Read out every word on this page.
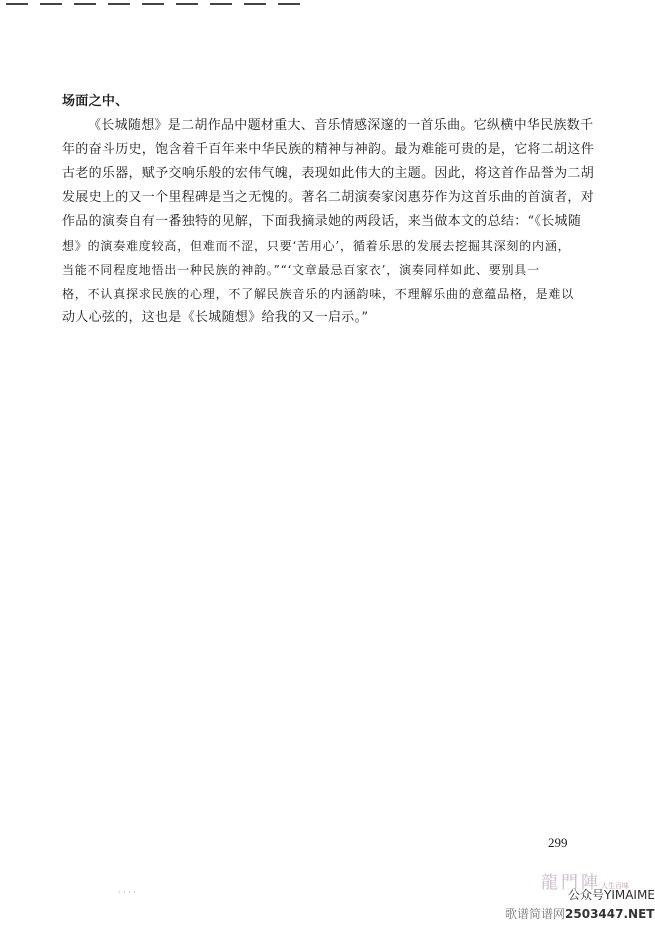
场面之中、
《长城随想》是二胡作品中题材重大、音乐情感深邃的一首乐曲。它纵横中华民族数千
年的奋斗历史，饱含着千百年来中华民族的精神与神韵。最为难能可贵的是，它将二胡这件
古老的乐器，赋予交响乐般的宏伟气魄，表现如此伟大的主题。因此，将这首作品誉为二胡
发展史上的又一个里程碑是当之无愧的。著名二胡演奏家闵惠芬作为这首乐曲的首演者，对
作品的演奏自有一番独特的见解，下面我摘录她的两段话，来当做本文的总结：“《长城随
想》的演奏难度较高，但难而不涩，只要‘苦用心’，循着乐思的发展去挖掘其深刻的内涵，
当能不同程度地悟出一种民族的神韵。”“‘文章最忌百家衣’，演奏同样如此、要别具一
格，不认真探求民族的心理，不了解民族音乐的内涵韵味，不理解乐曲的意蕴品格，是难以
动人心弦的，这也是《长城随想》给我的又一启示。”
299
· · · ·	龍門陣人生百味
公众号YIMAIME
歌谱简谱网2503447.NET
